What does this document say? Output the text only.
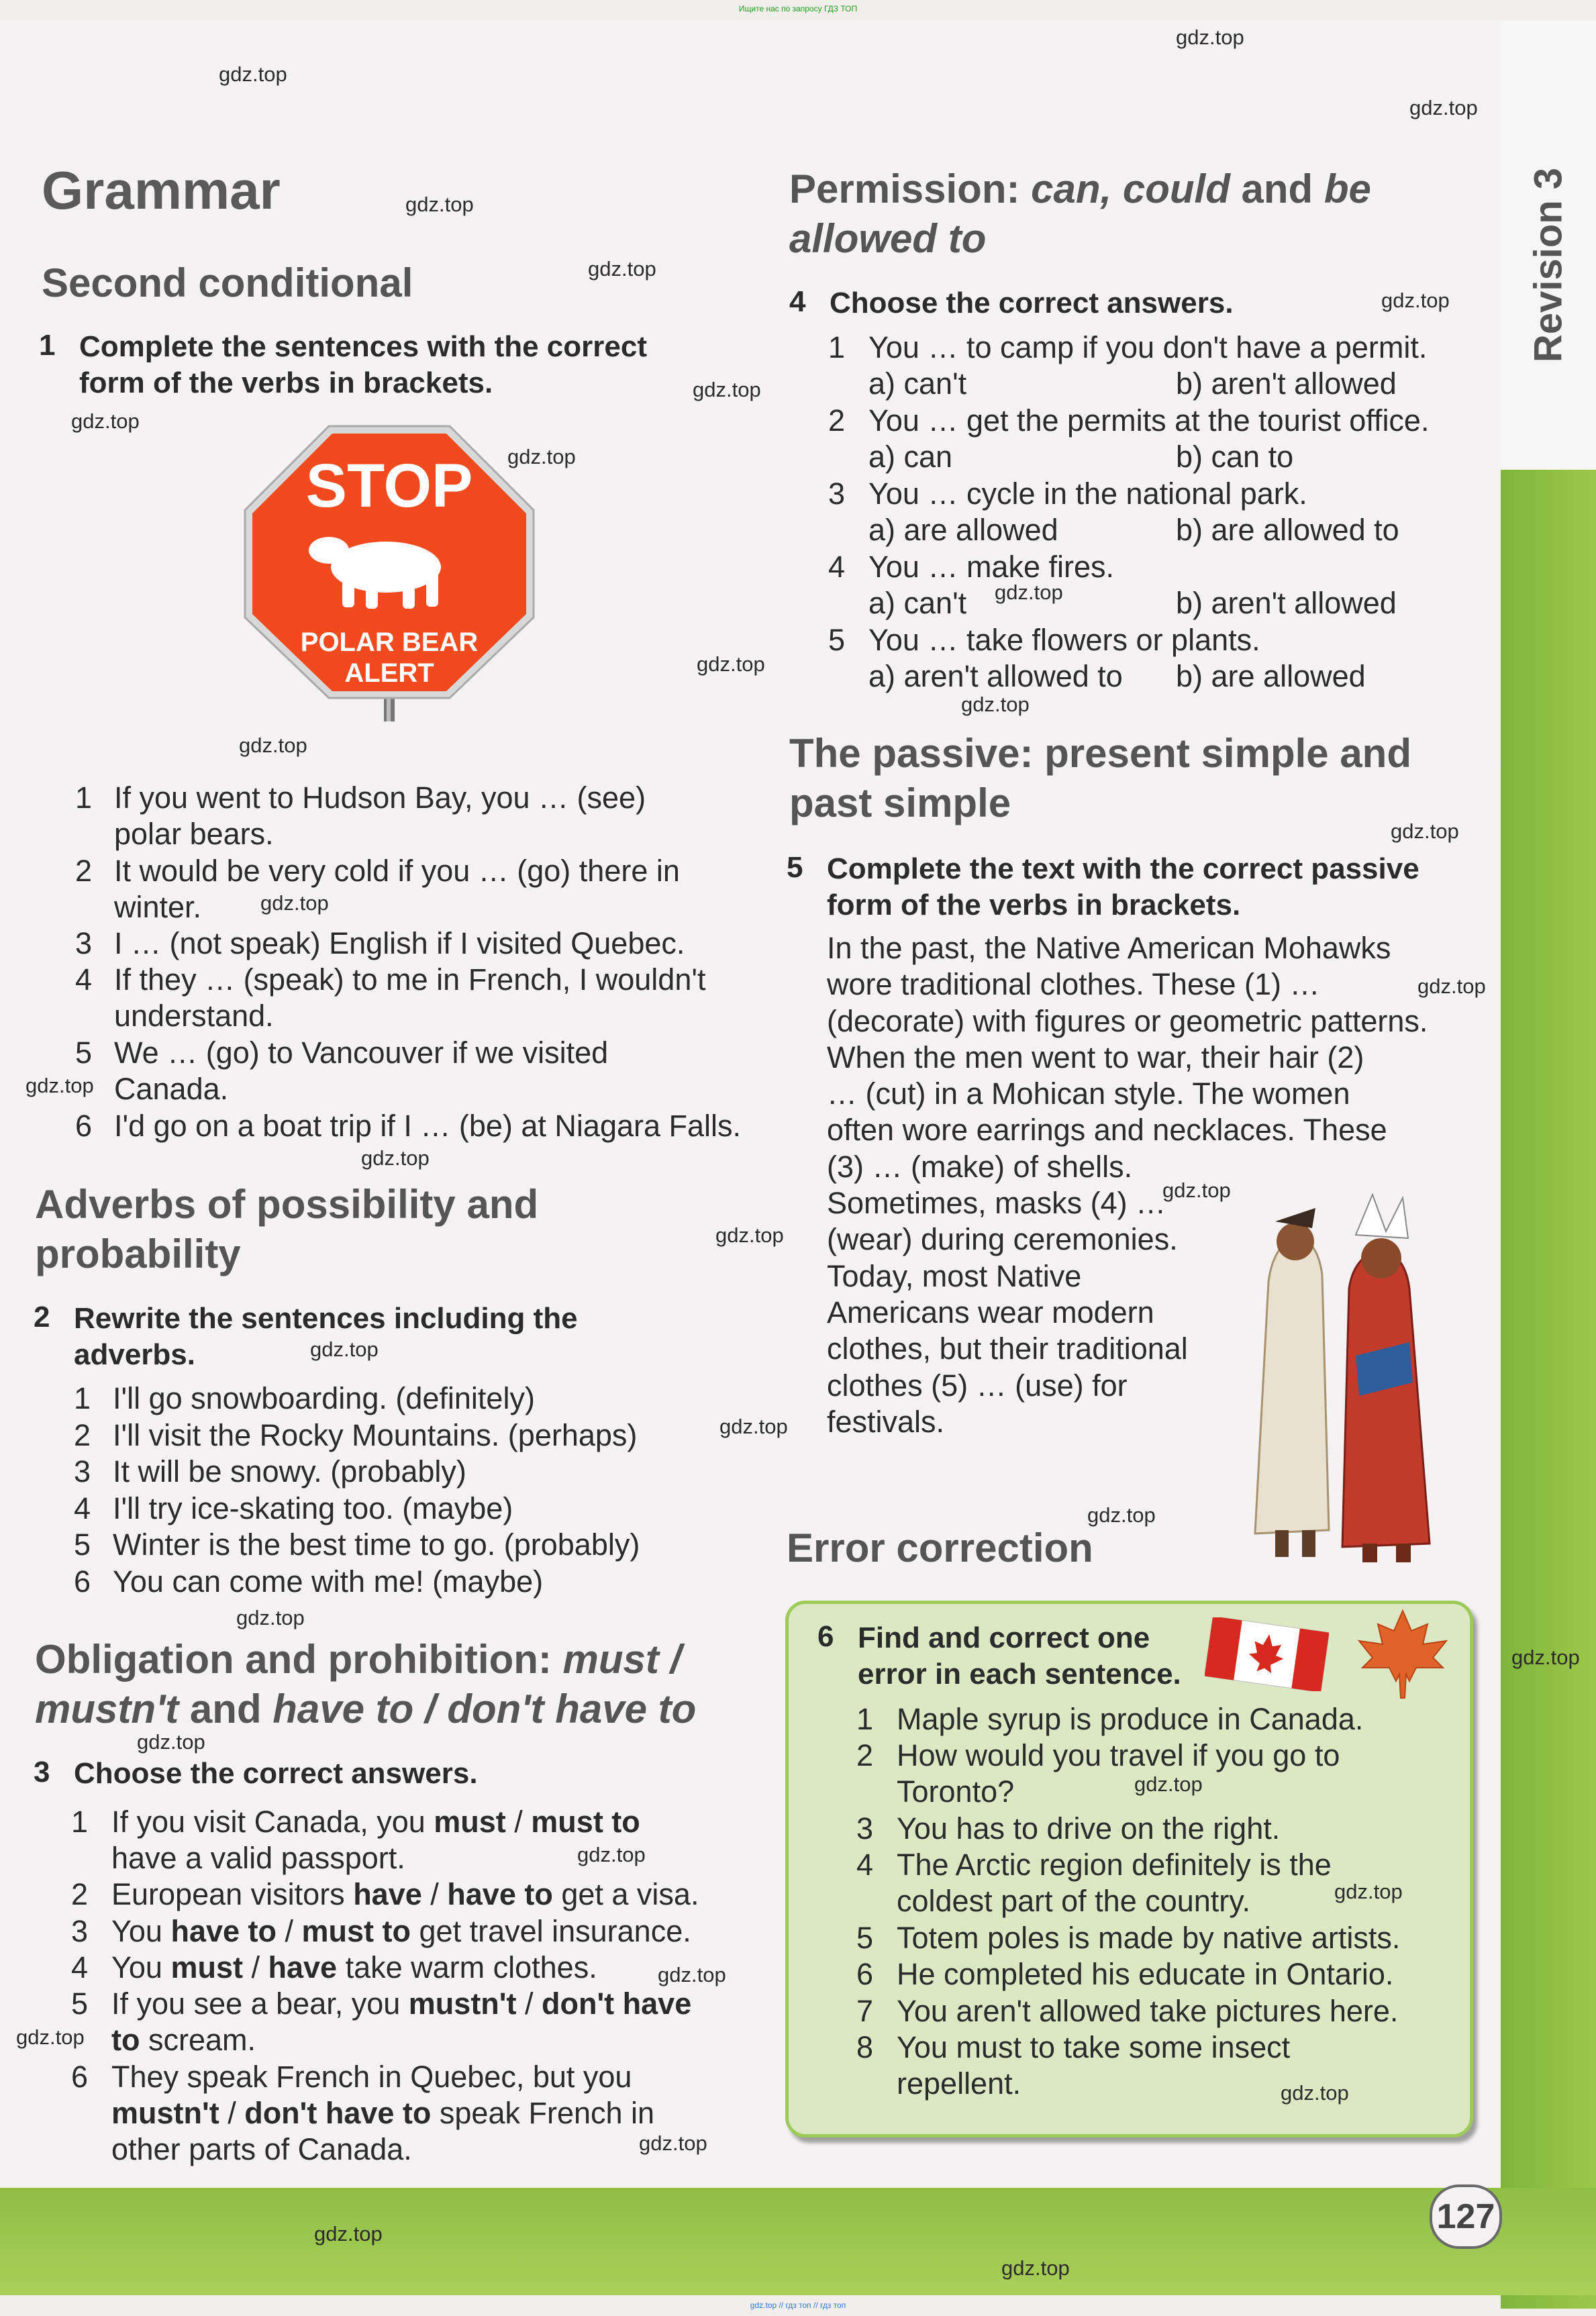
Ищите нас по запросу ГДЗ ТОП
Revision 3
127
gdz.top // гдз топ // гдз топ
Grammar
Second conditional
1 Complete the sentences with the correct
form of the verbs in brackets.
STOP
POLAR BEAR
ALERT
1 If you went to Hudson Bay, you … (see)
polar bears.
2 It would be very cold if you … (go) there in
winter.
3 I … (not speak) English if I visited Quebec.
4 If they … (speak) to me in French, I wouldn't
understand.
5 We … (go) to Vancouver if we visited
Canada.
6 I'd go on a boat trip if I … (be) at Niagara Falls.
Adverbs of possibility and
probability
2 Rewrite the sentences including the
adverbs.
1 I'll go snowboarding. (definitely)
2 I'll visit the Rocky Mountains. (perhaps)
3 It will be snowy. (probably)
4 I'll try ice-skating too. (maybe)
5 Winter is the best time to go. (probably)
6 You can come with me! (maybe)
Obligation and prohibition: must /
mustn't and have to / don't have to
3 Choose the correct answers.
1 If you visit Canada, you must / must to
have a valid passport.
2 European visitors have / have to get a visa.
3 You have to / must to get travel insurance.
4 You must / have take warm clothes.
5 If you see a bear, you mustn't / don't have
to scream.
6 They speak French in Quebec, but you
mustn't / don't have to speak French in
other parts of Canada.
Permission: can, could and be
allowed to
4 Choose the correct answers.
1 You … to camp if you don't have a permit.
a) can't	b) aren't allowed
2 You … get the permits at the tourist office.
a) can	b) can to
3 You … cycle in the national park.
a) are allowed	b) are allowed to
4 You … make fires.
a) can't	b) aren't allowed
5 You … take flowers or plants.
a) aren't allowed to b) are allowed
The passive: present simple and
past simple
5 Complete the text with the correct passive
form of the verbs in brackets.
In the past, the Native American Mohawks
wore traditional clothes. These (1) …
(decorate) with figures or geometric patterns.
When the men went to war, their hair (2)
… (cut) in a Mohican style. The women
often wore earrings and necklaces. These
(3) … (make) of shells.
Sometimes, masks (4) …
(wear) during ceremonies.
Today, most Native
Americans wear modern
clothes, but their traditional
clothes (5) … (use) for
festivals.
Error correction
6 Find and correct one
error in each sentence.
1 Maple syrup is produce in Canada.
2 How would you travel if you go to
Toronto?
3 You has to drive on the right.
4 The Arctic region definitely is the
coldest part of the country.
5 Totem poles is made by native artists.
6 He completed his educate in Ontario.
7 You aren't allowed take pictures here.
8 You must to take some insect
repellent.
gdz.top
gdz.top
gdz.top
gdz.top
gdz.top
gdz.top
gdz.top
gdz.top
gdz.top
gdz.top
gdz.top
gdz.top
gdz.top
gdz.top
gdz.top
gdz.top
gdz.top
gdz.top
gdz.top
gdz.top
gdz.top
gdz.top
gdz.top
gdz.top
gdz.top
gdz.top
gdz.top
gdz.top
gdz.top
gdz.top
gdz.top
gdz.top
gdz.top
gdz.top
gdz.top
